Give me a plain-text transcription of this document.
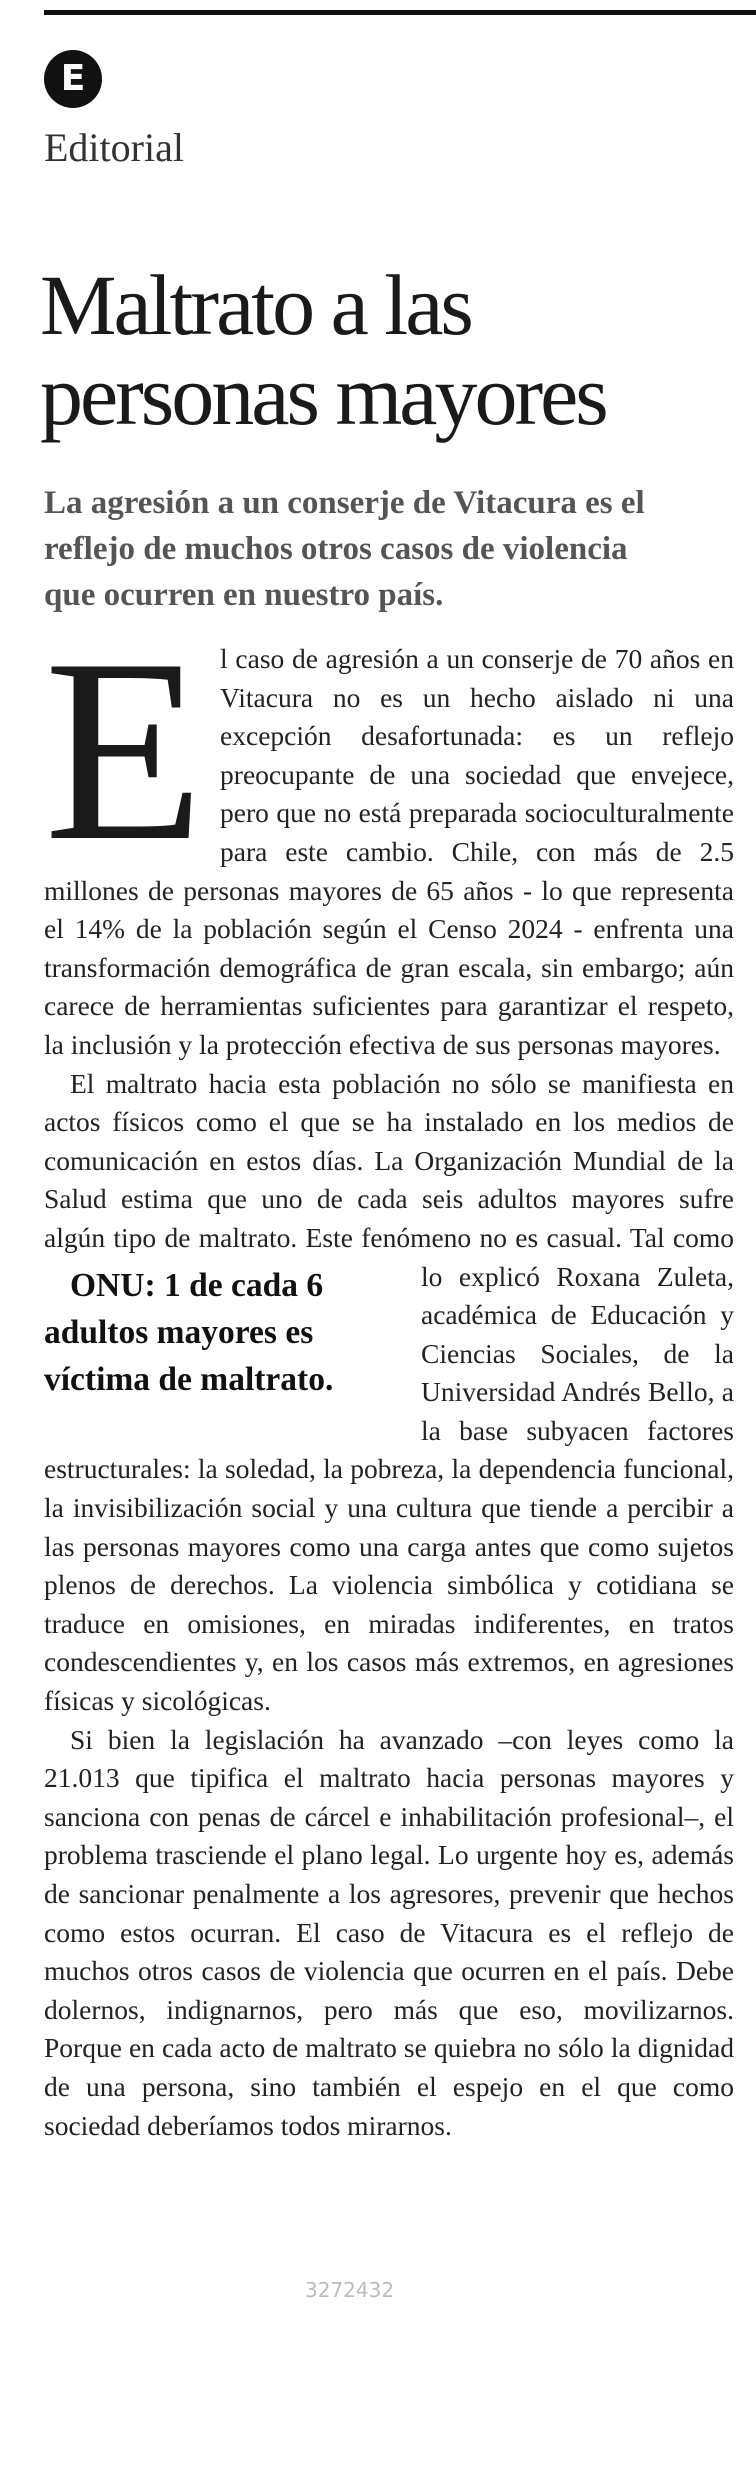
E
Editorial
Maltrato a las personas mayores

La agresión a un conserje de Vitacura es el reflejo de muchos otros casos de violencia que ocurren en nuestro país.

El caso de agresión a un conserje de 70 años en Vitacura no es un hecho aislado ni una excepción desafortunada: es un reflejo preocupante de una sociedad que envejece, pero que no está preparada socioculturalmente para este cambio. Chile, con más de 2.5 millones de personas mayores de 65 años - lo que representa el 14% de la población según el Censo 2024 - enfrenta una transformación demográfica de gran escala, sin embargo; aún carece de herramientas suficientes para garantizar el respeto, la inclusión y la protección efectiva de sus personas mayores.

El maltrato hacia esta población no sólo se manifiesta en actos físicos como el que se ha instalado en los medios de comunicación en estos días. La Organización Mundial de la Salud estima que uno de cada seis adultos mayores sufre algún tipo de maltrato. Este fenómeno no es casual. Tal como lo explicó
ONU: 1 de cada 6 adultos mayores es víctima de maltrato.
Roxana Zuleta, académica de Educación y Ciencias Sociales, de la Universidad Andrés Bello, a la base subyacen factores estructurales: la soledad, la pobreza, la dependencia funcional, la invisibilización social y una cultura que tiende a percibir a las personas mayores como una carga antes que como sujetos plenos de derechos. La violencia simbólica y cotidiana se traduce en omisiones, en miradas indiferentes, en tratos condescendientes y, en los casos más extremos, en agresiones físicas y sicológicas.

Si bien la legislación ha avanzado –con leyes como la 21.013 que tipifica el maltrato hacia personas mayores y sanciona con penas de cárcel e inhabilitación profesional–, el problema trasciende el plano legal. Lo urgente hoy es, además de sancionar penalmente a los agresores, prevenir que hechos como estos ocurran. El caso de Vitacura es el reflejo de muchos otros casos de violencia que ocurren en el país. Debe dolernos, indignarnos, pero más que eso, movilizarnos. Porque en cada acto de maltrato se quiebra no sólo la dignidad de una persona, sino también el espejo en el que como sociedad deberíamos todos mirarnos.

3272432
